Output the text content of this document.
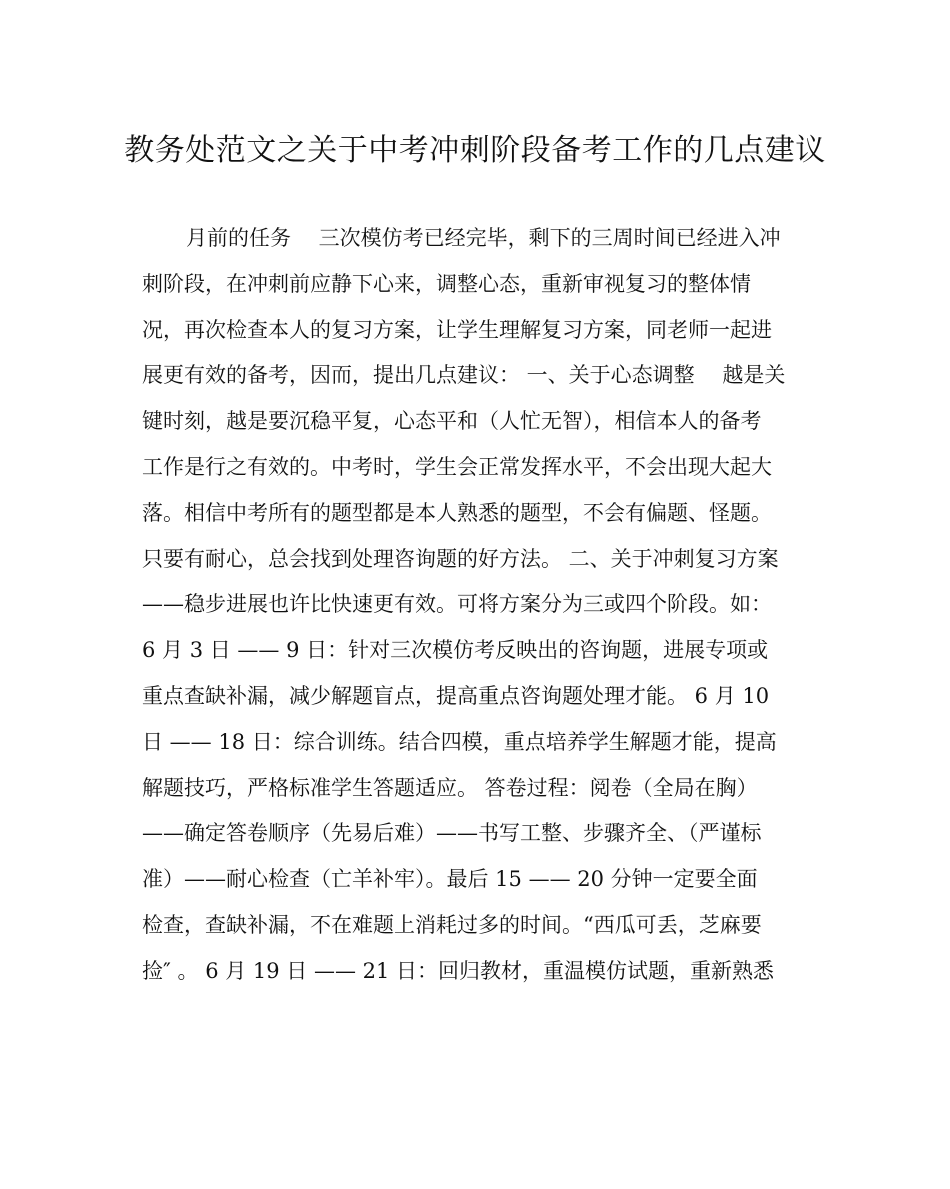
教务处范文之关于中考冲刺阶段备考工作的几点建议
月前的任务　 三次模仿考已经完毕，剩下的三周时间已经进入冲
刺阶段，在冲刺前应静下心来，调整心态，重新审视复习的整体情
况，再次检查本人的复习方案，让学生理解复习方案，同老师一起进
展更有效的备考，因而，提出几点建议： 一、关于心态调整　 越是关
键时刻，越是要沉稳平复，心态平和（人忙无智），相信本人的备考
工作是行之有效的。中考时，学生会正常发挥水平，不会出现大起大
落。相信中考所有的题型都是本人熟悉的题型，不会有偏题、怪题。
只要有耐心，总会找到处理咨询题的好方法。 二、关于冲刺复习方案
——稳步进展也许比快速更有效。可将方案分为三或四个阶段。如：
6 月 3 日 —— 9 日：针对三次模仿考反映出的咨询题，进展专项或
重点查缺补漏，减少解题盲点，提高重点咨询题处理才能。 6 月 10
日 —— 18 日：综合训练。结合四模，重点培养学生解题才能，提高
解题技巧，严格标准学生答题适应。 答卷过程：阅卷（全局在胸）
——确定答卷顺序（先易后难）——书写工整、步骤齐全、（严谨标
准）——耐心检查（亡羊补牢）。最后 15 —— 20 分钟一定要全面
检查，查缺补漏，不在难题上消耗过多的时间。“西瓜可丢，芝麻要
捡″ 。 6 月 19 日 —— 21 日：回归教材，重温模仿试题，重新熟悉
